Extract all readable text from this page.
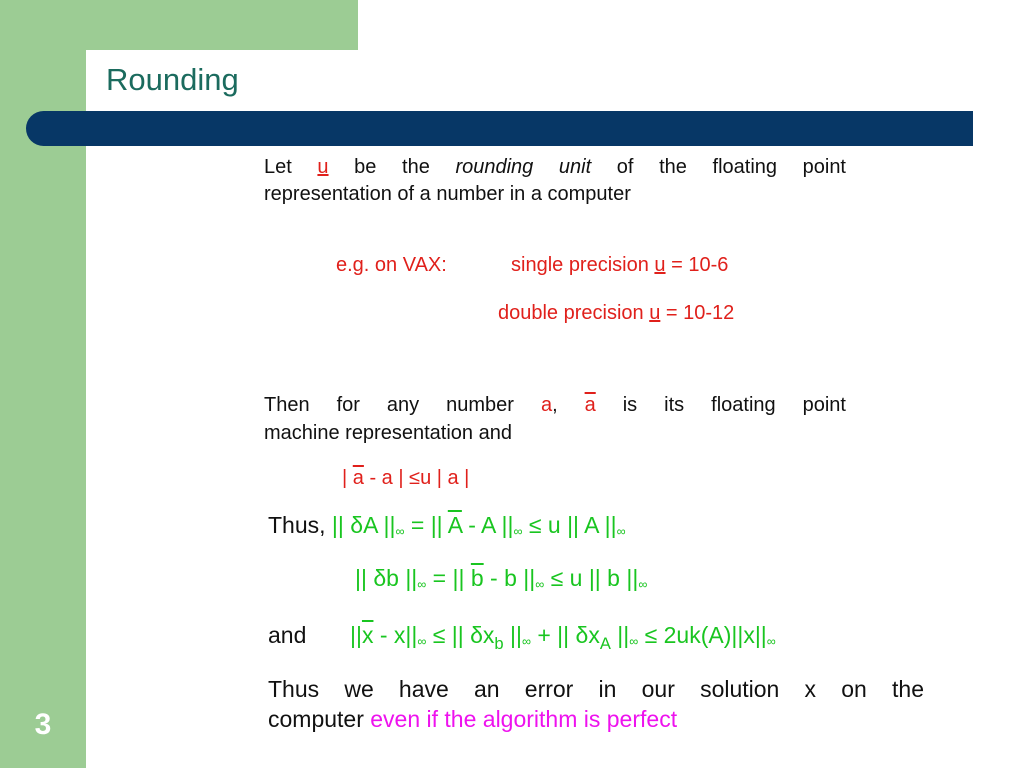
Rounding
3
Let u be the rounding unit of the floating point
representation of a number in a computer
e.g. on VAX:	single precision u = 10-6
double precision u = 10-12
Then for any number a, $\overline{a}$ is its floating point
machine representation and
| $\overline{a}$ - a | ≤u | a |
Thus, || δA ||∞ = || $\overline{A}$ - A ||∞ ≤ u || A ||∞
|| δb ||∞ = || $\overline{b}$ - b ||∞ ≤ u || b ||∞
and $||\overline{x} - x||\infty$ ≤ || $\delta x_b$ ||∞ + || $\delta x_A$ ||∞ ≤ 2uk(A)||x||∞
Thus we have an error in our solution x on the
computer even if the algorithm is perfect
